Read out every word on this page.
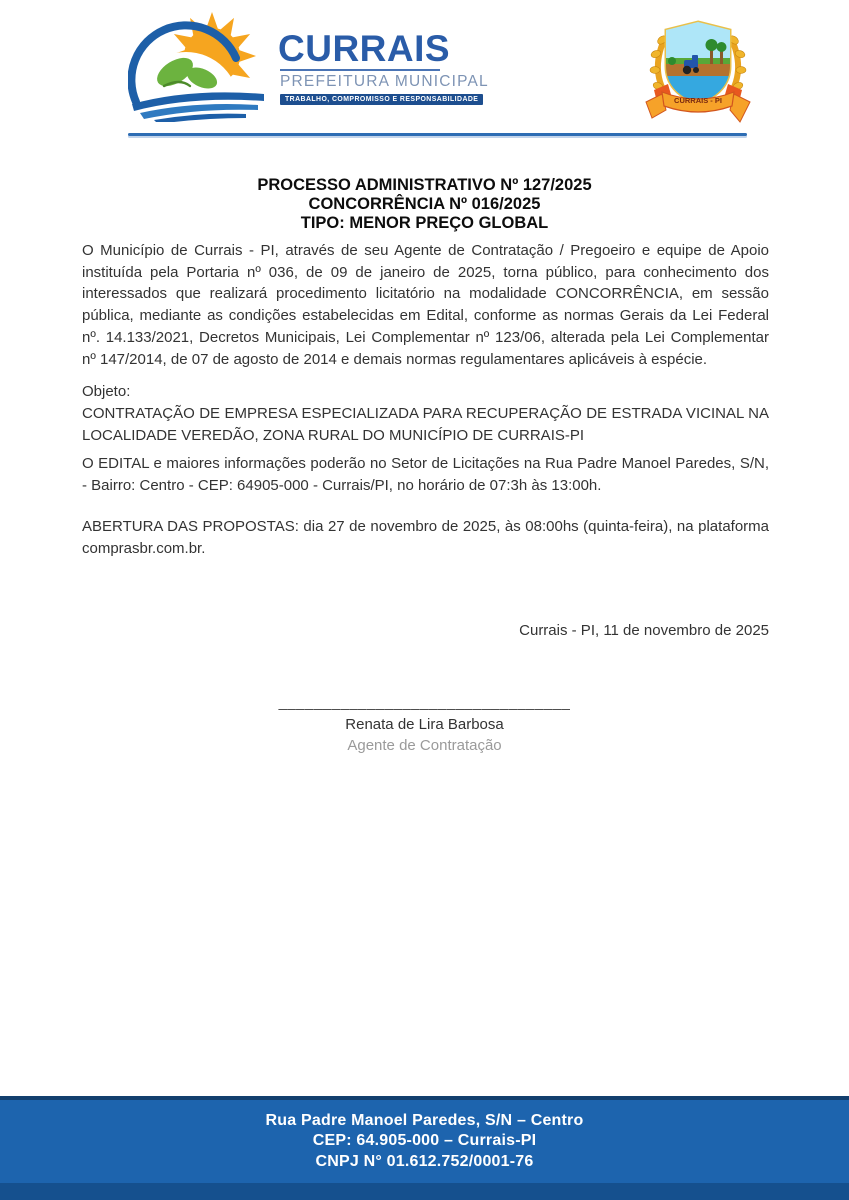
CURRAIS
PREFEITURA MUNICIPAL
TRABALHO, COMPROMISSO E RESPONSABILIDADE	CURRAIS - PI
PROCESSO ADMINISTRATIVO Nº 127/2025
CONCORRÊNCIA Nº 016/2025
TIPO: MENOR PREÇO GLOBAL
O Município de Currais - PI, através de seu Agente de Contratação / Pregoeiro e equipe de Apoio instituída pela Portaria nº 036, de 09 de janeiro de 2025, torna público, para conhecimento dos interessados que realizará procedimento licitatório na modalidade CONCORRÊNCIA, em sessão pública, mediante as condições estabelecidas em Edital, conforme as normas Gerais da Lei Federal nº. 14.133/2021, Decretos Municipais, Lei Complementar nº 123/06, alterada pela Lei Complementar nº 147/2014, de 07 de agosto de 2014 e demais normas regulamentares aplicáveis à espécie.
Objeto:
CONTRATAÇÃO DE EMPRESA ESPECIALIZADA PARA RECUPERAÇÃO DE ESTRADA VICINAL NA LOCALIDADE VEREDÃO, ZONA RURAL DO MUNICÍPIO DE CURRAIS-PI
O EDITAL e maiores informações poderão no Setor de Licitações na Rua Padre Manoel Paredes, S/N, - Bairro: Centro - CEP: 64905-000 - Currais/PI, no horário de 07:3h às 13:00h.
ABERTURA DAS PROPOSTAS: dia 27 de novembro de 2025, às 08:00hs (quinta-feira), na plataforma comprasbr.com.br.
Currais - PI, 11 de novembro de 2025
_________________________________
Renata de Lira Barbosa
Agente de Contratação
Rua Padre Manoel Paredes, S/N – Centro
CEP: 64.905-000 – Currais-PI
CNPJ N° 01.612.752/0001-76
